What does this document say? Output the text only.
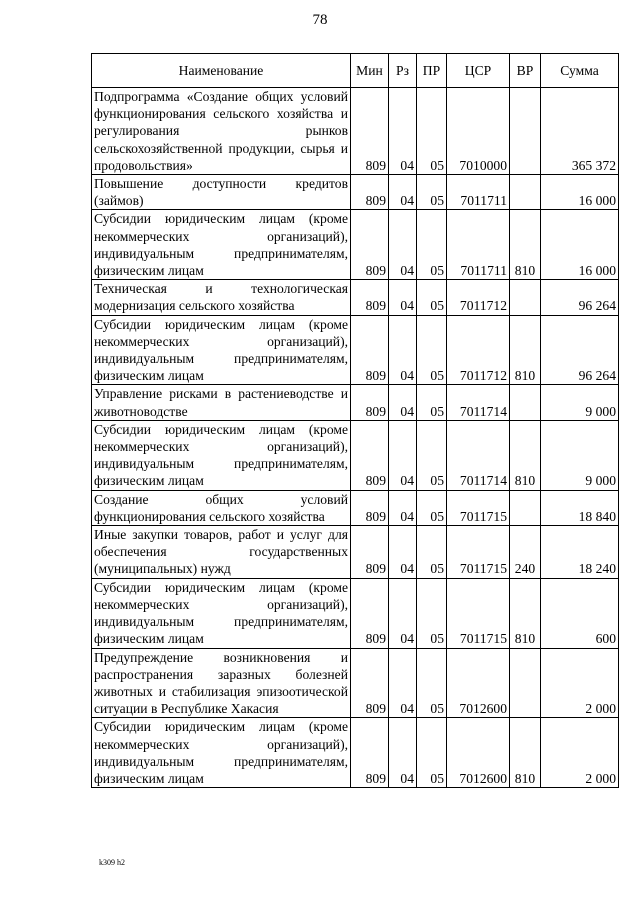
78
Наименование	Мин	Рз	ПР	ЦСР	ВР	Сумма
Подпрограмма «Создание общих условий функционирования сельского хозяйства и регулирования рынков сельскохозяйственной продукции, сырья и продовольствия»	809	04	05	7010000		365 372
Повышение доступности кредитов (займов)	809	04	05	7011711		16 000
Субсидии юридическим лицам (кроме некоммерческих организаций), индивидуальным предпринимателям, физическим лицам	809	04	05	7011711	810	16 000
Техническая и технологическая модернизация сельского хозяйства	809	04	05	7011712		96 264
Субсидии юридическим лицам (кроме некоммерческих организаций), индивидуальным предпринимателям, физическим лицам	809	04	05	7011712	810	96 264
Управление рисками в растениеводстве и животноводстве	809	04	05	7011714		9 000
Субсидии юридическим лицам (кроме некоммерческих организаций), индивидуальным предпринимателям, физическим лицам	809	04	05	7011714	810	9 000
Создание общих условий функционирования сельского хозяйства	809	04	05	7011715		18 840
Иные закупки товаров, работ и услуг для обеспечения государственных (муниципальных) нужд	809	04	05	7011715	240	18 240
Субсидии юридическим лицам (кроме некоммерческих организаций), индивидуальным предпринимателям, физическим лицам	809	04	05	7011715	810	600
Предупреждение возникновения и распространения заразных болезней животных и стабилизация эпизоотической ситуации в Республике Хакасия	809	04	05	7012600		2 000
Субсидии юридическим лицам (кроме некоммерческих организаций), индивидуальным предпринимателям, физическим лицам	809	04	05	7012600	810	2 000
k309 h2
